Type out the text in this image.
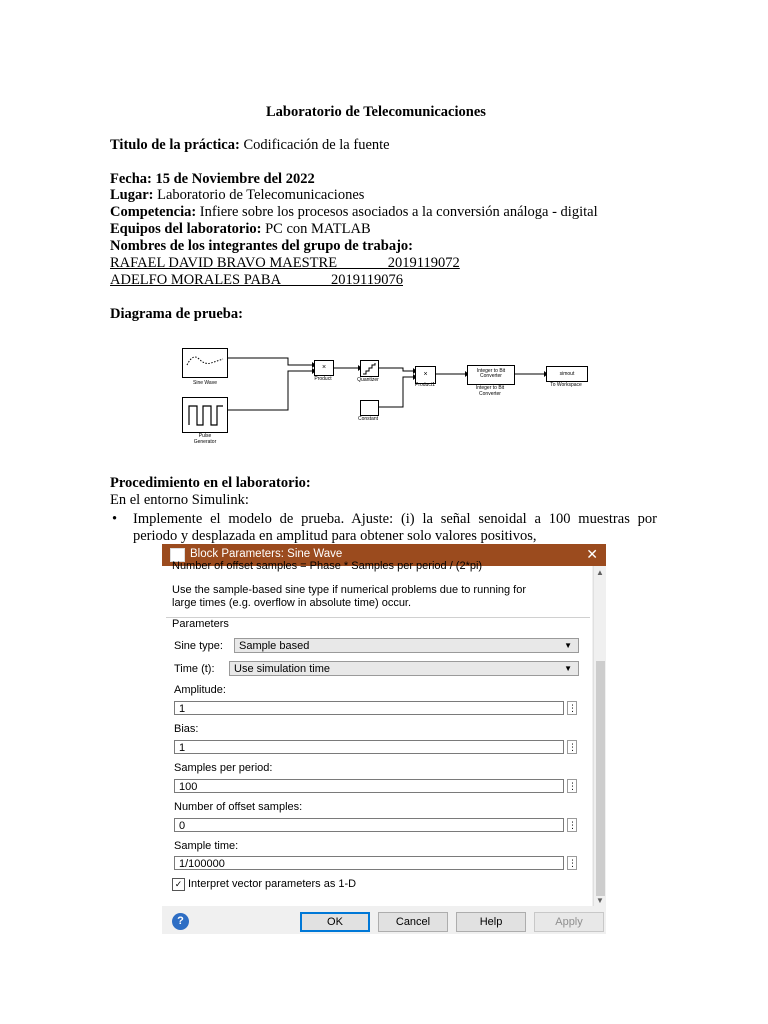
Laboratorio de Telecomunicaciones
Titulo de la práctica: Codificación de la fuente
Fecha: 15 de Noviembre del 2022
Lugar: Laboratorio de Telecomunicaciones
Competencia: Infiere sobre los procesos asociados a la conversión análoga - digital
Equipos del laboratorio: PC con MATLAB
Nombres de los integrantes del grupo de trabajo:
RAFAEL DAVID BRAVO MAESTRE              2019119072
ADELFO MORALES PABA              2019119076
Diagrama de prueba:
Sine Wave
Pulse
Generator
×
Product	Quantizer
Constant
×
Product1
Integer to Bit
Converter
Integer to Bit
Converter
simout
To Workspace
Procedimiento en el laboratorio:
En el entorno Simulink:
• Implemente el modelo de prueba. Ajuste: (i) la señal senoidal a 100 muestras por
periodo y desplazada en amplitud para obtener solo valores positivos,
Block Parameters: Sine Wave	✕
Number of offset samples = Phase * Samples per period / (2*pi)
Use the sample-based sine type if numerical problems due to running for
large times (e.g. overflow in absolute time) occur.
Parameters
Sine type:	Sample based	▼
Time (t):	Use simulation time	▼
Amplitude:
1	⋮
Bias:
1	⋮
Samples per period:
100	⋮
Number of offset samples:
0	⋮
Sample time:
1/100000	⋮
✓ Interpret vector parameters as 1-D
▲
▼
?	OK	Cancel	Help	Apply
